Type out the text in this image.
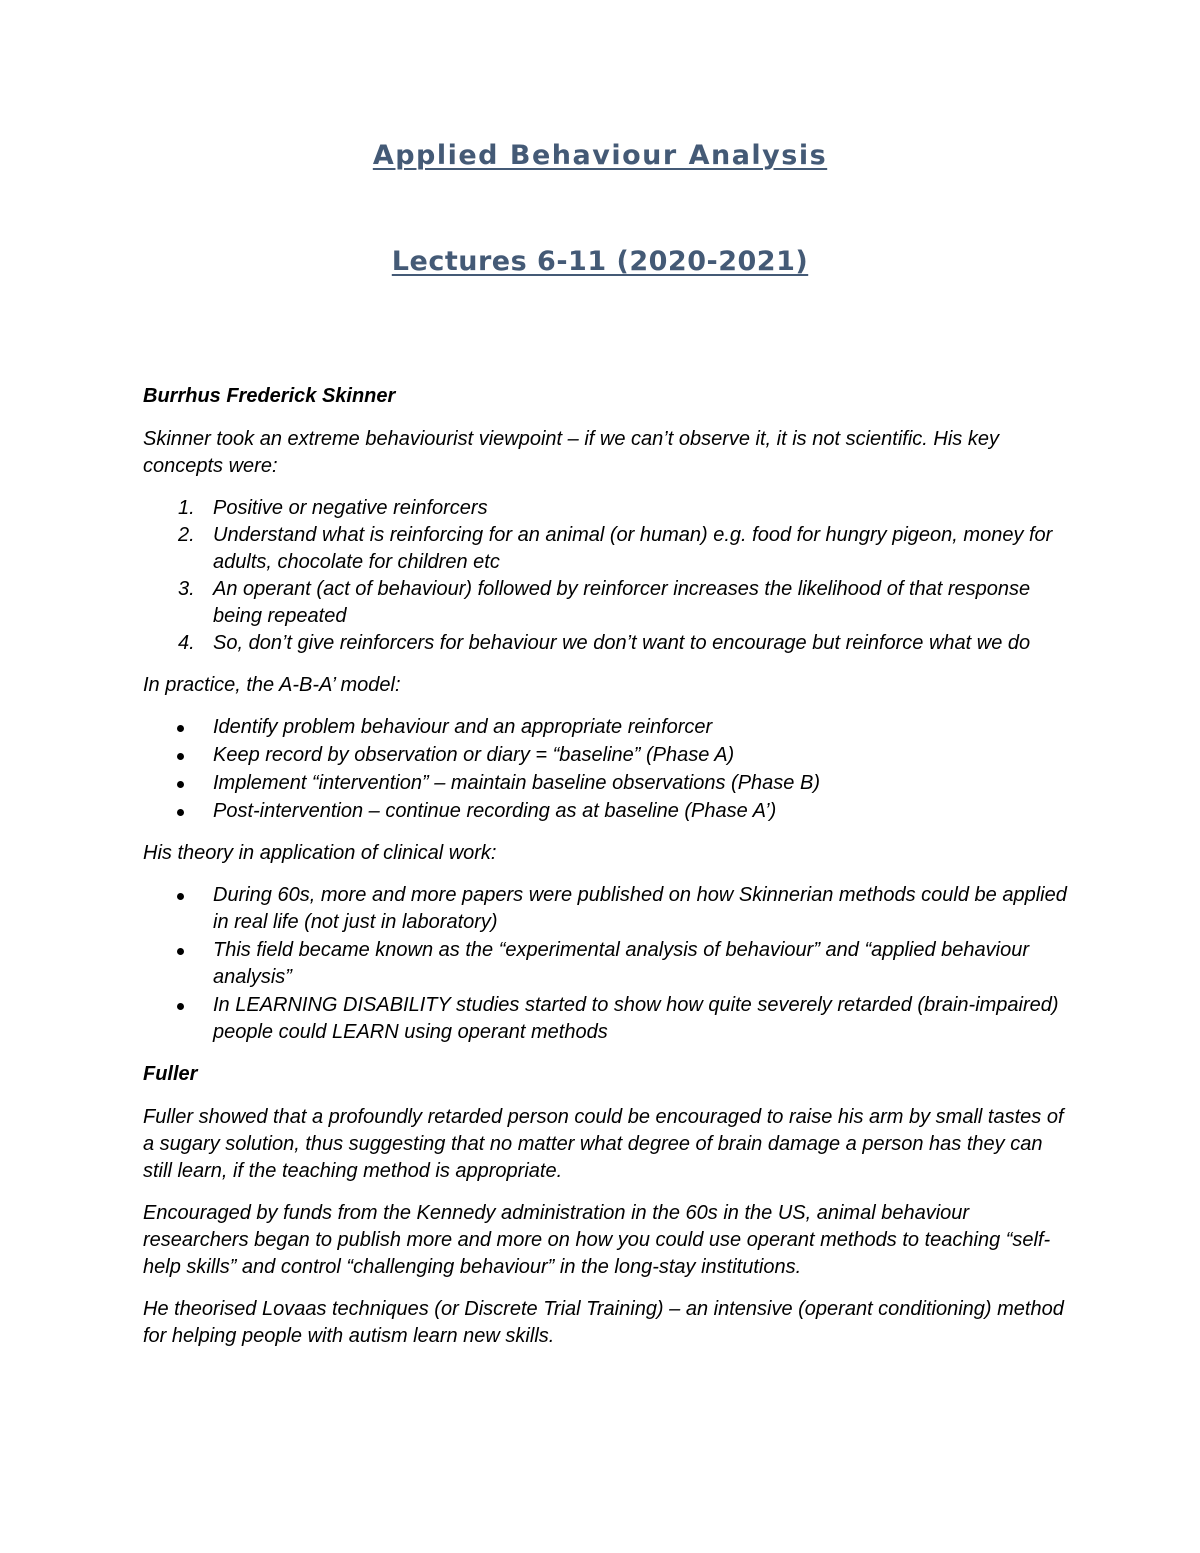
Applied Behaviour Analysis
Lectures 6-11 (2020-2021)

Burrhus Frederick Skinner

Skinner took an extreme behaviourist viewpoint – if we can’t observe it, it is not scientific. His key concepts were:

1. Positive or negative reinforcers
2. Understand what is reinforcing for an animal (or human) e.g. food for hungry pigeon, money for adults, chocolate for children etc
3. An operant (act of behaviour) followed by reinforcer increases the likelihood of that response being repeated
4. So, don’t give reinforcers for behaviour we don’t want to encourage but reinforce what we do

In practice, the A-B-A’ model:

Identify problem behaviour and an appropriate reinforcer
Keep record by observation or diary = “baseline” (Phase A)
Implement “intervention” – maintain baseline observations (Phase B)
Post-intervention – continue recording as at baseline (Phase A’)

His theory in application of clinical work:

During 60s, more and more papers were published on how Skinnerian methods could be applied in real life (not just in laboratory)
This field became known as the “experimental analysis of behaviour” and “applied behaviour analysis”
In LEARNING DISABILITY studies started to show how quite severely retarded (brain-impaired) people could LEARN using operant methods

Fuller

Fuller showed that a profoundly retarded person could be encouraged to raise his arm by small tastes of a sugary solution, thus suggesting that no matter what degree of brain damage a person has they can still learn, if the teaching method is appropriate.

Encouraged by funds from the Kennedy administration in the 60s in the US, animal behaviour researchers began to publish more and more on how you could use operant methods to teaching “self-help skills” and control “challenging behaviour” in the long-stay institutions.

He theorised Lovaas techniques (or Discrete Trial Training) – an intensive (operant conditioning) method for helping people with autism learn new skills.
